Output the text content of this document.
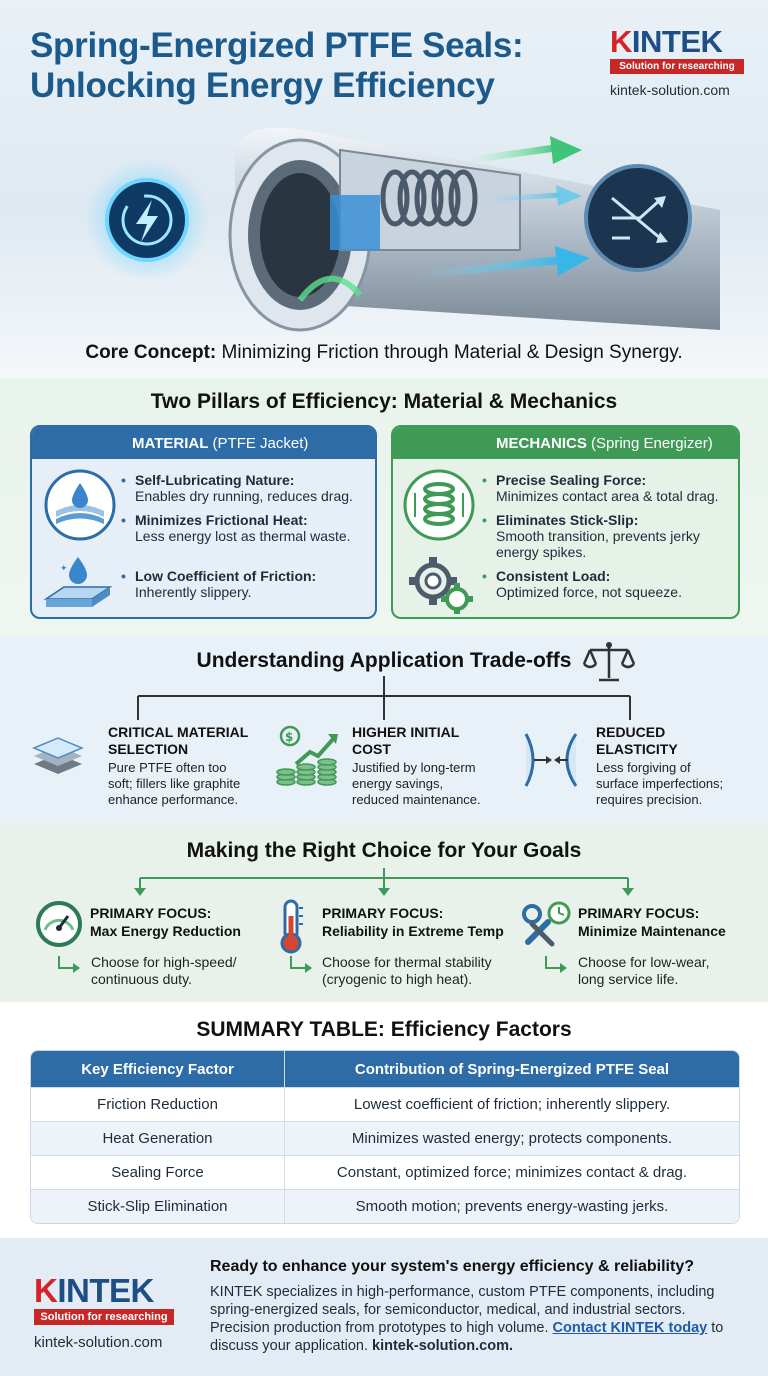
Spring-Energized PTFE Seals:
Unlocking Energy Efficiency
KINTEK
Solution for researching
kintek-solution.com
Core Concept: Minimizing Friction through Material & Design Synergy.
Two Pillars of Efficiency: Material & Mechanics
MATERIAL (PTFE Jacket)
✦
• Self-Lubricating Nature:
Enables dry running, reduces drag.
• Minimizes Frictional Heat:
Less energy lost as thermal waste.
• Low Coefficient of Friction:
Inherently slippery.
MECHANICS (Spring Energizer)
• Precise Sealing Force:
Minimizes contact area & total drag.
• Eliminates Stick-Slip:
Smooth transition, prevents jerky energy spikes.
• Consistent Load:
Optimized force, not squeeze.
Understanding Application Trade-offs
CRITICAL MATERIAL
SELECTION
Pure PTFE often too
soft; fillers like graphite
enhance performance.
$	HIGHER INITIAL
COST
Justified by long-term
energy savings,
reduced maintenance.
REDUCED
ELASTICITY
Less forgiving of
surface imperfections;
requires precision.
Making the Right Choice for Your Goals
PRIMARY FOCUS:
Max Energy Reduction
Choose for high-speed/
continuous duty.
PRIMARY FOCUS:
Reliability in Extreme Temp
Choose for thermal stability
(cryogenic to high heat).
PRIMARY FOCUS:
Minimize Maintenance
Choose for low-wear,
long service life.
SUMMARY TABLE: Efficiency Factors
Key Efficiency Factor	Contribution of Spring-Energized PTFE Seal
Friction Reduction	Lowest coefficient of friction; inherently slippery.
Heat Generation	Minimizes wasted energy; protects components.
Sealing Force	Constant, optimized force; minimizes contact & drag.
Stick-Slip Elimination	Smooth motion; prevents energy-wasting jerks.
KINTEK
Solution for researching
kintek-solution.com
Ready to enhance your system's energy efficiency & reliability?
KINTEK specializes in high-performance, custom PTFE components, including spring-energized seals, for semiconductor, medical, and industrial sectors. Precision production from prototypes to high volume. Contact KINTEK today to discuss your application. kintek-solution.com.
